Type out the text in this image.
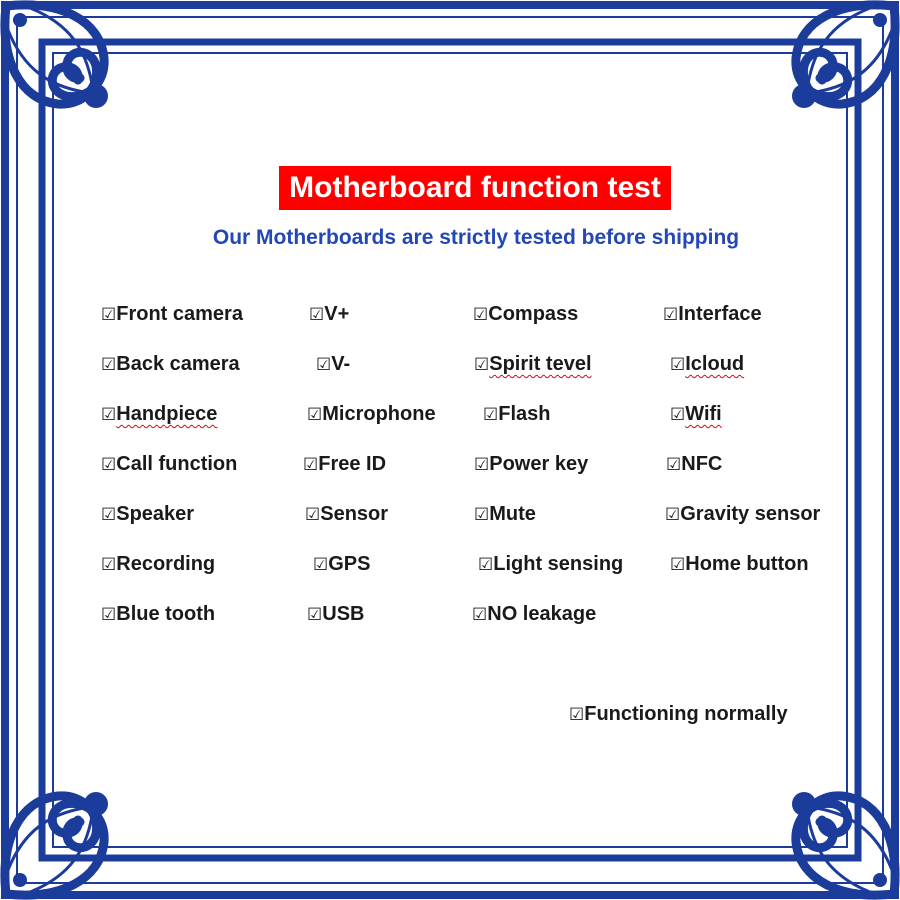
Motherboard function test
Our Motherboards are strictly tested before shipping
☑Front camera	☑V+	☑Compass	☑Interface
☑Back camera	☑V-	☑Spirit tevel	☑Icloud
☑Handpiece	☑Microphone	☑Flash	☑Wifi
☑Call function	☑Free ID	☑Power key	☑NFC
☑Speaker	☑Sensor	☑Mute	☑Gravity sensor
☑Recording	☑GPS	☑Light sensing	☑Home button
☑Blue tooth	☑USB	☑NO leakage
☑Functioning normally
